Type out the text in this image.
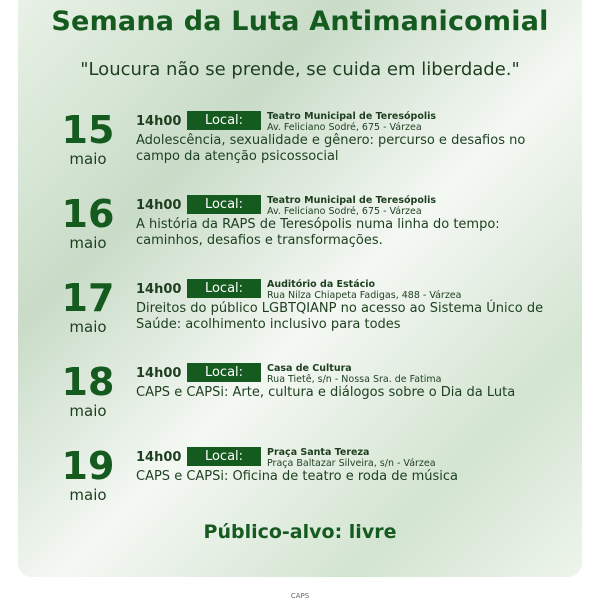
Semana da Luta Antimanicomial
"Loucura não se prende, se cuida em liberdade."
15
maio
14h00	Local:	Teatro Municipal de Teresópolis
Av. Feliciano Sodré, 675 - Várzea
Adolescência, sexualidade e gênero: percurso e desafios no campo da atenção psicossocial
16
maio
14h00	Local:	Teatro Municipal de Teresópolis
Av. Feliciano Sodré, 675 - Várzea
A história da RAPS de Teresópolis numa linha do tempo: caminhos, desafios e transformações.
17
maio
14h00	Local:	Auditório da Estácio
Rua Nilza Chiapeta Fadigas, 488 - Várzea
Direitos do público LGBTQIANP no acesso ao Sistema Único de Saúde: acolhimento inclusivo para todes
18
maio
14h00	Local:	Casa de Cultura
Rua Tietê, s/n - Nossa Sra. de Fatima
CAPS e CAPSi: Arte, cultura e diálogos sobre o Dia da Luta
19
maio
14h00	Local:	Praça Santa Tereza
Praça Baltazar Silveira, s/n - Várzea
CAPS e CAPSi: Oficina de teatro e roda de música
Público-alvo: livre
CAPS
